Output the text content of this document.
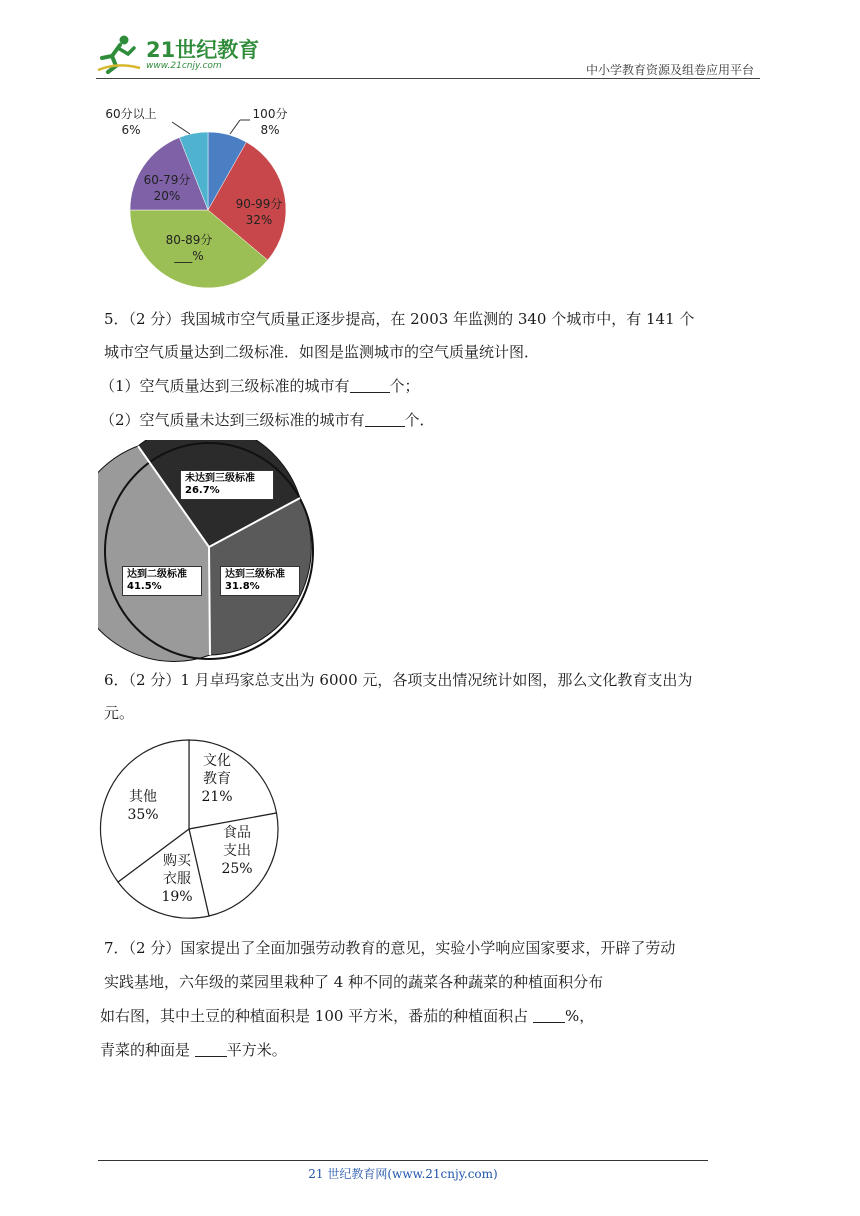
21世纪教育
www.21cnjy.com	中小学教育资源及组卷应用平台
100分
8%
90-99分
32%
80-89分
___%
60-79分
20%
60分以上
6%
5．（2 分）我国城市空气质量正逐步提高，在 2003 年监测的 340 个城市中，有 141 个
城市空气质量达到二级标准．如图是监测城市的空气质量统计图．
（1）空气质量达到三级标准的城市有	个；
（2）空气质量未达到三级标准的城市有	个．
未达到三级标准
26.7%
达到三级标准
31.8%
达到二级标准
41.5%
6．（2 分）1 月卓玛家总支出为 6000 元，各项支出情况统计如图，那么文化教育支出为
元。
文化
教育
21%
食品
支出
25%
购买
衣服
19%
其他
35%
7．（2 分）国家提出了全面加强劳动教育的意见，实验小学响应国家要求，开辟了劳动
实践基地，六年级的菜园里栽种了 4 种不同的蔬菜各种蔬菜的种植面积分布
如右图，其中土豆的种植面积是 100 平方米，番茄的种植面积占 %，
青菜的种面是 平方米。
21 世纪教育网(www.21cnjy.com)
